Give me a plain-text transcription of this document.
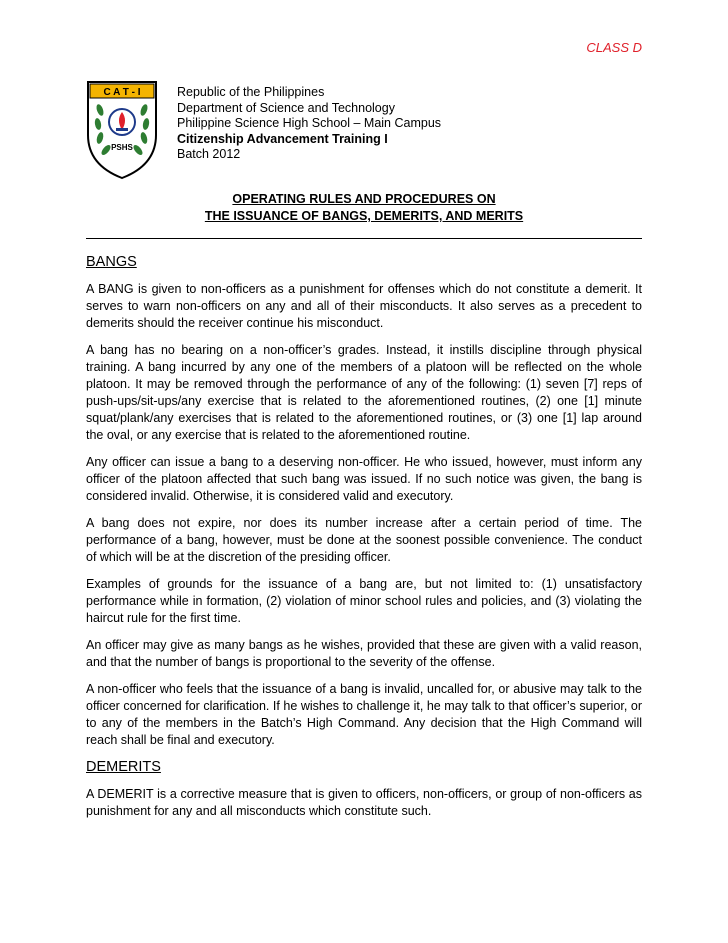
CLASS D
C A T - I
PSHS
Republic of the Philippines
Department of Science and Technology
Philippine Science High School – Main Campus
Citizenship Advancement Training I
Batch 2012
OPERATING RULES AND PROCEDURES ON
THE ISSUANCE OF BANGS, DEMERITS, AND MERITS
BANGS

A BANG is given to non-officers as a punishment for offenses which do not constitute a demerit. It serves to warn non-officers on any and all of their misconducts. It also serves as a precedent to demerits should the receiver continue his misconduct.

A bang has no bearing on a non-officer’s grades. Instead, it instills discipline through physical training. A bang incurred by any one of the members of a platoon will be reflected on the whole platoon. It may be removed through the performance of any of the following: (1) seven [7] reps of push-ups/sit-ups/any exercise that is related to the aforementioned routines, (2) one [1] minute squat/plank/any exercises that is related to the aforementioned routines, or (3) one [1] lap around the oval, or any exercise that is related to the aforementioned routine.

Any officer can issue a bang to a deserving non-officer. He who issued, however, must inform any officer of the platoon affected that such bang was issued. If no such notice was given, the bang is considered invalid. Otherwise, it is considered valid and executory.

A bang does not expire, nor does its number increase after a certain period of time. The performance of a bang, however, must be done at the soonest possible convenience. The conduct of which will be at the discretion of the presiding officer.

Examples of grounds for the issuance of a bang are, but not limited to: (1) unsatisfactory performance while in formation, (2) violation of minor school rules and policies, and (3) violating the haircut rule for the first time.

An officer may give as many bangs as he wishes, provided that these are given with a valid reason, and that the number of bangs is proportional to the severity of the offense.

A non-officer who feels that the issuance of a bang is invalid, uncalled for, or abusive may talk to the officer concerned for clarification. If he wishes to challenge it, he may talk to that officer’s superior, or to any of the members in the Batch’s High Command. Any decision that the High Command will reach shall be final and executory.

DEMERITS

A DEMERIT is a corrective measure that is given to officers, non-officers, or group of non-officers as punishment for any and all misconducts which constitute such.
